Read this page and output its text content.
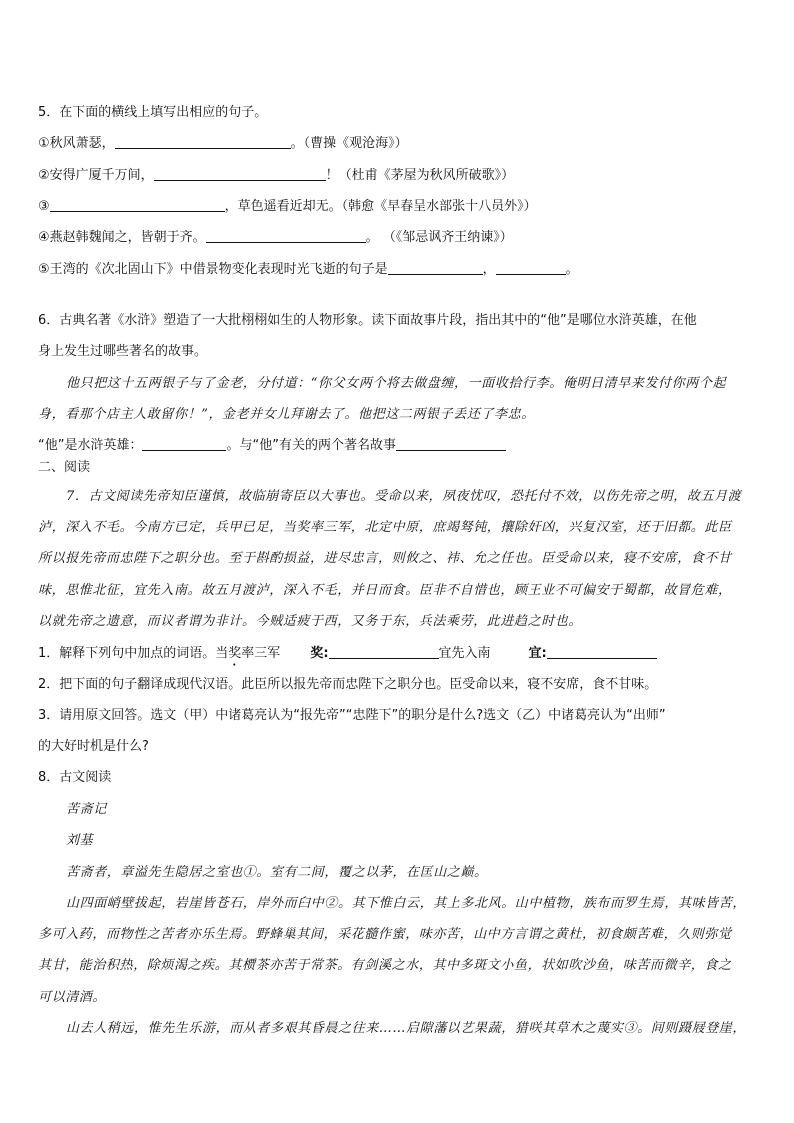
5．在下面的横线上填写出相应的句子。
①秋风萧瑟，	。（曹操《观沧海》）
②安得广厦千万间，	！（杜甫《茅屋为秋风所破歌》）
③	，草色遥看近却无。（韩愈《早春呈水部张十八员外》）
④燕赵韩魏闻之，皆朝于齐。	。 （《邹忌讽齐王纳谏》）
⑤王湾的《次北固山下》中借景物变化表现时光飞逝的句子是	，	。
6．古典名著《水浒》塑造了一大批栩栩如生的人物形象。读下面故事片段，指出其中的“他”是哪位水浒英雄，在他
身上发生过哪些著名的故事。
他只把这十五两银子与了金老，分付道：“你父女两个将去做盘缠，一面收拾行李。俺明日清早来发付你两个起
身，看那个店主人敢留你！”，金老并女儿拜谢去了。他把这二两银子丢还了李忠。
“他”是水浒英雄：	。与“他”有关的两个著名故事
二、阅读
7．古文阅读先帝知臣谨慎，故临崩寄臣以大事也。受命以来，夙夜忧叹，恐托付不效，以伤先帝之明，故五月渡
泸，深入不毛。今南方已定，兵甲已足，当奖率三军，北定中原，庶竭驽钝，攘除奸凶，兴复汉室，还于旧都。此臣
所以报先帝而忠陛下之职分也。至于斟酌损益，进尽忠言，则攸之、祎、允之任也。臣受命以来，寝不安席，食不甘
味，思惟北征，宜先入南。故五月渡泸，深入不毛，并日而食。臣非不自惜也，顾王业不可偏安于蜀都，故冒危难，
以就先帝之遗意，而议者谓为非计。今贼适疲于西，又务于东，兵法乘劳，此进趋之时也。
1．解释下列句中加点的词语。当奖率三军 奖:	宜先入南	宜:
2．把下面的句子翻译成现代汉语。此臣所以报先帝而忠陛下之职分也。臣受命以来，寝不安席，食不甘味。
3．请用原文回答。选文（甲）中诸葛亮认为“报先帝”“忠陛下”的职分是什么?选文（乙）中诸葛亮认为“出师”
的大好时机是什么?
8．古文阅读
苦斋记
刘基
苦斋者，章溢先生隐居之室也①。室有二间，覆之以茅，在匡山之巅。
山四面峭壁拔起，岩崖皆苍石，岸外而臼中②。其下惟白云，其上多北风。山中植物，族布而罗生焉，其味皆苦，
多可入药，而物性之苦者亦乐生焉。野蜂巢其间，采花髓作蜜，味亦苦，山中方言谓之黄杜，初食颇苦难，久则弥觉
其甘，能治积热，除烦渴之疾。其槚茶亦苦于常茶。有剑溪之水，其中多斑文小鱼，状如吹沙鱼，味苦而微辛，食之
可以清酒。
山去人稍远，惟先生乐游，而从者多艰其昏晨之往来……启隙藩以艺果蔬，猎咲其草木之蔑实③。间则蹑屐登崖，
